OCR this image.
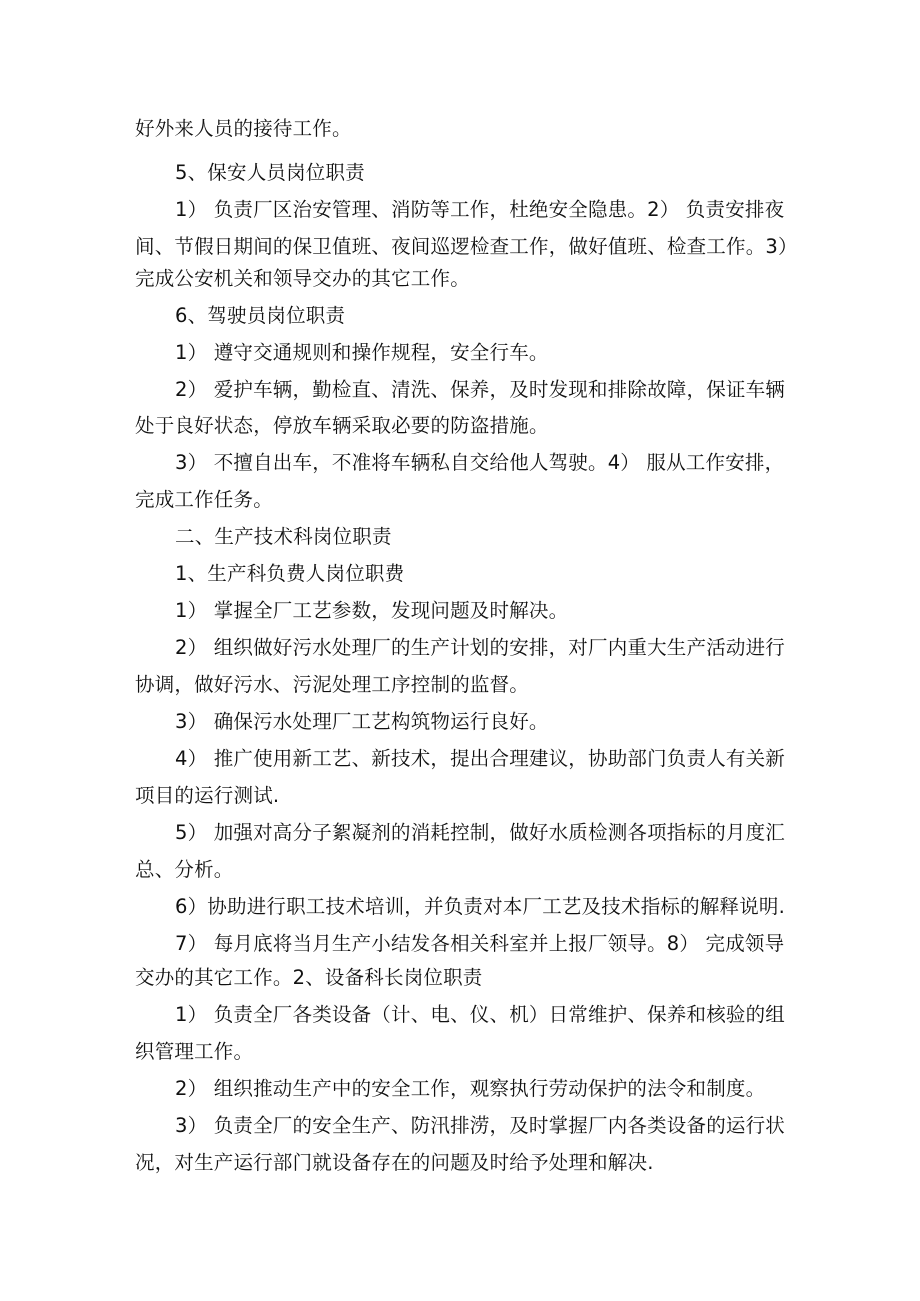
好外来人员的接待工作。
5、保安人员岗位职责
1） 负责厂区治安管理、消防等工作，杜绝安全隐患。2） 负责安排夜
间、节假日期间的保卫值班、夜间巡逻检查工作，做好值班、检查工作。3）
完成公安机关和领导交办的其它工作。
6、驾驶员岗位职责
1） 遵守交通规则和操作规程，安全行车。
2） 爱护车辆，勤检直、清洗、保养，及时发现和排除故障，保证车辆
处于良好状态，停放车辆采取必要的防盗措施。
3） 不擅自出车，不准将车辆私自交给他人驾驶。4） 服从工作安排，
完成工作任务。
二、生产技术科岗位职责
1、生产科负费人岗位职费
1） 掌握全厂工艺参数，发现问题及时解决。
2） 组织做好污水处理厂的生产计划的安排，对厂内重大生产活动进行
协调，做好污水、污泥处理工序控制的监督。
3） 确保污水处理厂工艺构筑物运行良好。
4） 推广使用新工艺、新技术，提出合理建议，协助部门负责人有关新
项目的运行测试.
5） 加强对高分子絮凝剂的消耗控制，做好水质检测各项指标的月度汇
总、分析。
6）协助进行职工技术培训，并负责对本厂工艺及技术指标的解释说明.
7） 每月底将当月生产小结发各相关科室并上报厂领导。8） 完成领导
交办的其它工作。2、设备科长岗位职责
1） 负责全厂各类设备（计、电、仪、机）日常维护、保养和核验的组
织管理工作。
2） 组织推动生产中的安全工作，观察执行劳动保护的法令和制度。
3） 负责全厂的安全生产、防汛排涝，及时掌握厂内各类设备的运行状
况，对生产运行部门就设备存在的问题及时给予处理和解决.
